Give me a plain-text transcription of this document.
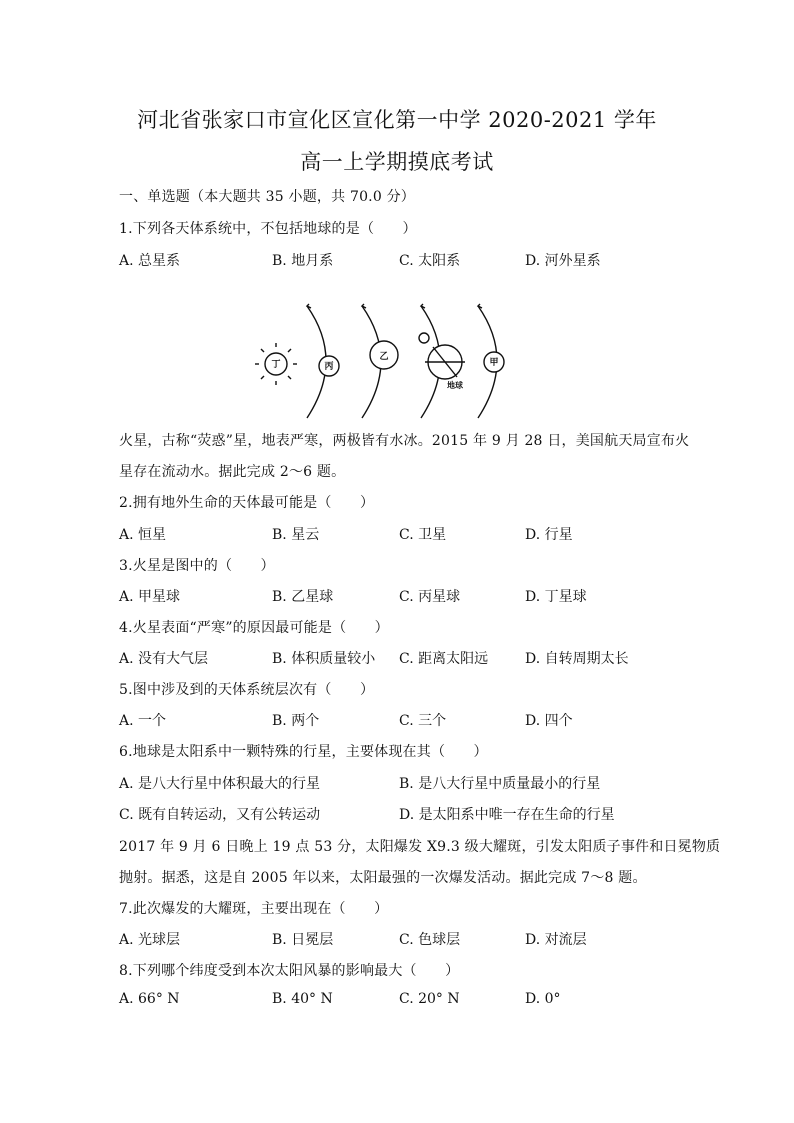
河北省张家口市宣化区宣化第一中学 2020-2021 学年
高一上学期摸底考试
一、单选题（本大题共 35 小题，共 70.0 分）
1.下列各天体系统中，不包括地球的是（　　）
A. 总星系	B. 地月系	C. 太阳系	D. 河外星系
丁	丙
乙
甲
地球
火星，古称“荧惑”星，地表严寒，两极皆有水冰。2015 年 9 月 28 日，美国航天局宣布火
星存在流动水。据此完成 2～6 题。
2.拥有地外生命的天体最可能是（　　）
A. 恒星	B. 星云	C. 卫星	D. 行星
3.火星是图中的（　　）
A. 甲星球	B. 乙星球	C. 丙星球	D. 丁星球
4.火星表面“严寒”的原因最可能是（　　）
A. 没有大气层	B. 体积质量较小 C. 距离太阳远	D. 自转周期太长
5.图中涉及到的天体系统层次有（　　）
A. 一个	B. 两个	C. 三个	D. 四个
6.地球是太阳系中一颗特殊的行星，主要体现在其（　　）
A. 是八大行星中体积最大的行星	B. 是八大行星中质量最小的行星
C. 既有自转运动，又有公转运动	D. 是太阳系中唯一存在生命的行星
2017 年 9 月 6 日晚上 19 点 53 分，太阳爆发 X9.3 级大耀斑，引发太阳质子事件和日冕物质
抛射。据悉，这是自 2005 年以来，太阳最强的一次爆发活动。据此完成 7～8 题。
7.此次爆发的大耀斑，主要出现在（　　）
A. 光球层	B. 日冕层	C. 色球层	D. 对流层
8.下列哪个纬度受到本次太阳风暴的影响最大（　　）
A. 66° N	B. 40° N	C. 20° N	D. 0°
